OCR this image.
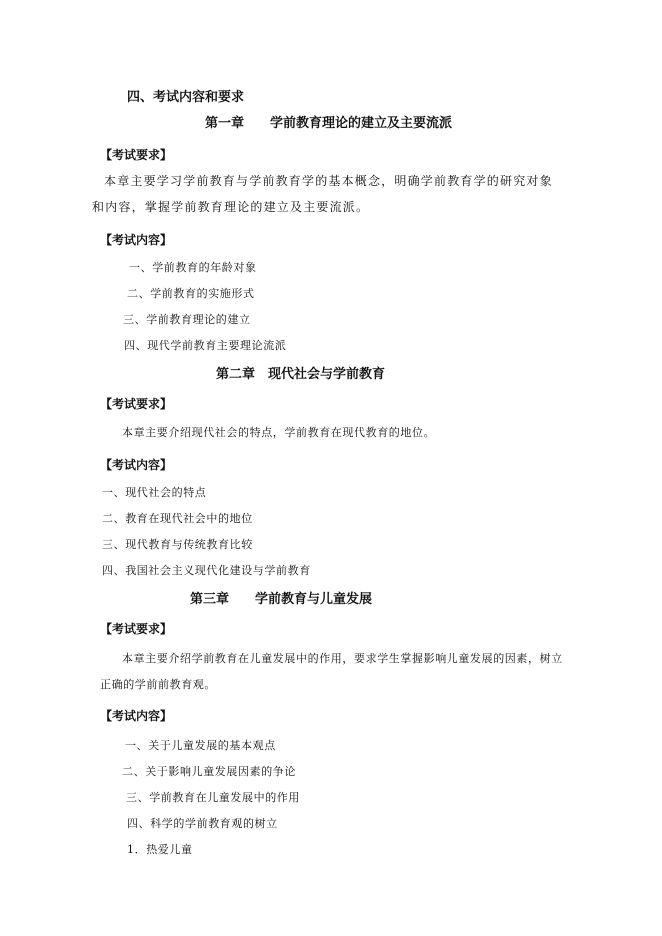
四、考试内容和要求
第一章　　学前教育理论的建立及主要流派
【考试要求】
本章主要学习学前教育与学前教育学的基本概念，明确学前教育学的研究对象
和内容，掌握学前教育理论的建立及主要流派。
【考试内容】
一、学前教育的年龄对象
二、学前教育的实施形式
三、学前教育理论的建立
四、现代学前教育主要理论流派
第二章　现代社会与学前教育
【考试要求】
本章主要介绍现代社会的特点，学前教育在现代教育的地位。
【考试内容】
一、现代社会的特点
二、教育在现代社会中的地位
三、现代教育与传统教育比较
四、我国社会主义现代化建设与学前教育
第三章　　学前教育与儿童发展
【考试要求】
本章主要介绍学前教育在儿童发展中的作用，要求学生掌握影响儿童发展的因素，树立
正确的学前前教育观。
【考试内容】
一、关于儿童发展的基本观点
二、关于影响儿童发展因素的争论
三、学前教育在儿童发展中的作用
四、科学的学前教育观的树立
1．热爱儿童
